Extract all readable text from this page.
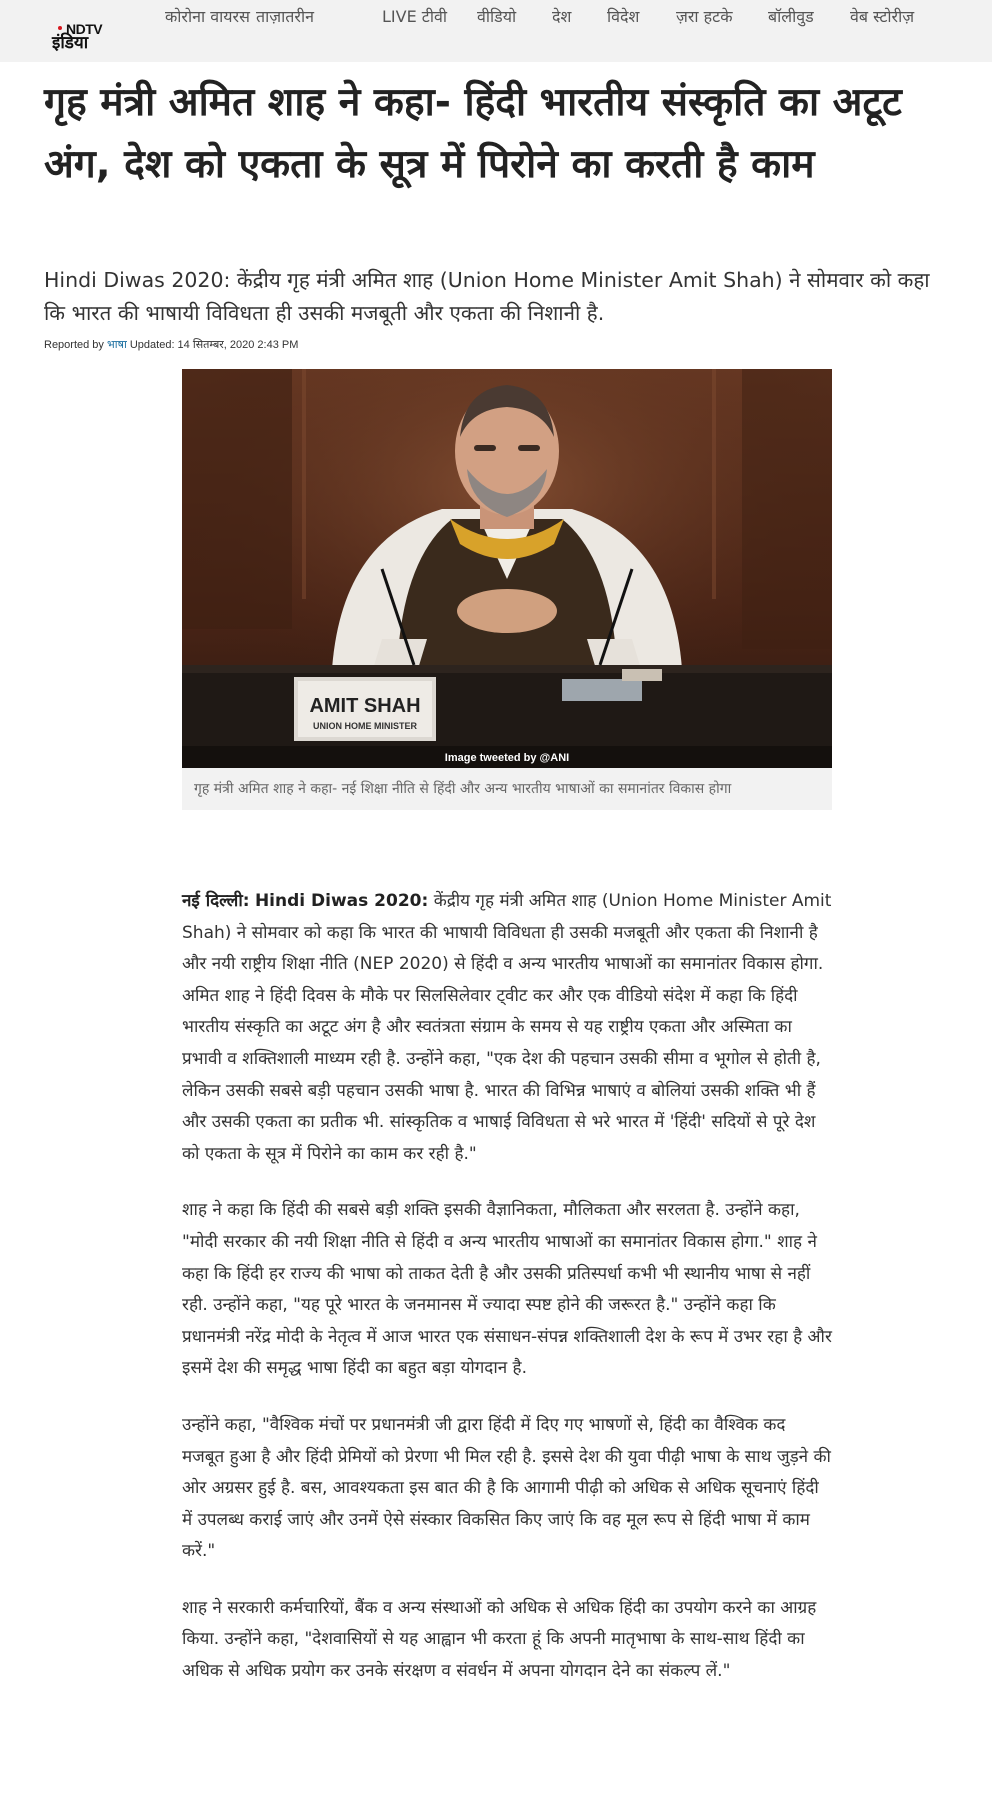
NDTV
इंडिया
कोरोना वायरस ताज़ातरीन	LIVE टीवी वीडियो देश विदेश ज़रा हटके बॉलीवुड वेब स्टोरीज़
गृह मंत्री अमित शाह ने कहा- हिंदी भारतीय संस्कृति का अटूट अंग, देश को एकता के सूत्र में पिरोने का करती है काम

Hindi Diwas 2020: केंद्रीय गृह मंत्री अमित शाह (Union Home Minister Amit Shah) ने सोमवार को कहा कि भारत की भाषायी विविधता ही उसकी मजबूती और एकता की निशानी है.

Reported by भाषा Updated: 14 सितम्बर, 2020 2:43 PM
AMIT SHAH
UNION HOME MINISTER
Image tweeted by @ANI
गृह मंत्री अमित शाह ने कहा- नई शिक्षा नीति से हिंदी और अन्य भारतीय भाषाओं का समानांतर विकास होगा

नई दिल्ली: Hindi Diwas 2020: केंद्रीय गृह मंत्री अमित शाह (Union Home Minister Amit Shah) ने सोमवार को कहा कि भारत की भाषायी विविधता ही उसकी मजबूती और एकता की निशानी है और नयी राष्ट्रीय शिक्षा नीति (NEP 2020) से हिंदी व अन्य भारतीय भाषाओं का समानांतर विकास होगा. अमित शाह ने हिंदी दिवस के मौके पर सिलसिलेवार ट्वीट कर और एक वीडियो संदेश में कहा कि हिंदी भारतीय संस्कृति का अटूट अंग है और स्वतंत्रता संग्राम के समय से यह राष्ट्रीय एकता और अस्मिता का प्रभावी व शक्तिशाली माध्यम रही है. उन्होंने कहा, "एक देश की पहचान उसकी सीमा व भूगोल से होती है, लेकिन उसकी सबसे बड़ी पहचान उसकी भाषा है. भारत की विभिन्न भाषाएं व बोलियां उसकी शक्ति भी हैं और उसकी एकता का प्रतीक भी. सांस्कृतिक व भाषाई विविधता से भरे भारत में 'हिंदी' सदियों से पूरे देश को एकता के सूत्र में पिरोने का काम कर रही है."

शाह ने कहा कि हिंदी की सबसे बड़ी शक्ति इसकी वैज्ञानिकता, मौलिकता और सरलता है. उन्होंने कहा, "मोदी सरकार की नयी शिक्षा नीति से हिंदी व अन्य भारतीय भाषाओं का समानांतर विकास होगा." शाह ने कहा कि हिंदी हर राज्य की भाषा को ताकत देती है और उसकी प्रतिस्पर्धा कभी भी स्थानीय भाषा से नहीं रही. उन्होंने कहा, "यह पूरे भारत के जनमानस में ज्यादा स्पष्ट होने की जरूरत है." उन्होंने कहा कि प्रधानमंत्री नरेंद्र मोदी के नेतृत्व में आज भारत एक संसाधन-संपन्न शक्तिशाली देश के रूप में उभर रहा है और इसमें देश की समृद्ध भाषा हिंदी का बहुत बड़ा योगदान है.

उन्होंने कहा, "वैश्विक मंचों पर प्रधानमंत्री जी द्वारा हिंदी में दिए गए भाषणों से, हिंदी का वैश्विक कद मजबूत हुआ है और हिंदी प्रेमियों को प्रेरणा भी मिल रही है. इससे देश की युवा पीढ़ी भाषा के साथ जुड़ने की ओर अग्रसर हुई है. बस, आवश्यकता इस बात की है कि आगामी पीढ़ी को अधिक से अधिक सूचनाएं हिंदी में उपलब्ध कराई जाएं और उनमें ऐसे संस्कार विकसित किए जाएं कि वह मूल रूप से हिंदी भाषा में काम करें."

शाह ने सरकारी कर्मचारियों, बैंक व अन्य संस्थाओं को अधिक से अधिक हिंदी का उपयोग करने का आग्रह किया. उन्होंने कहा, "देशवासियों से यह आह्वान भी करता हूं कि अपनी मातृभाषा के साथ-साथ हिंदी का अधिक से अधिक प्रयोग कर उनके संरक्षण व संवर्धन में अपना योगदान देने का संकल्प लें."
